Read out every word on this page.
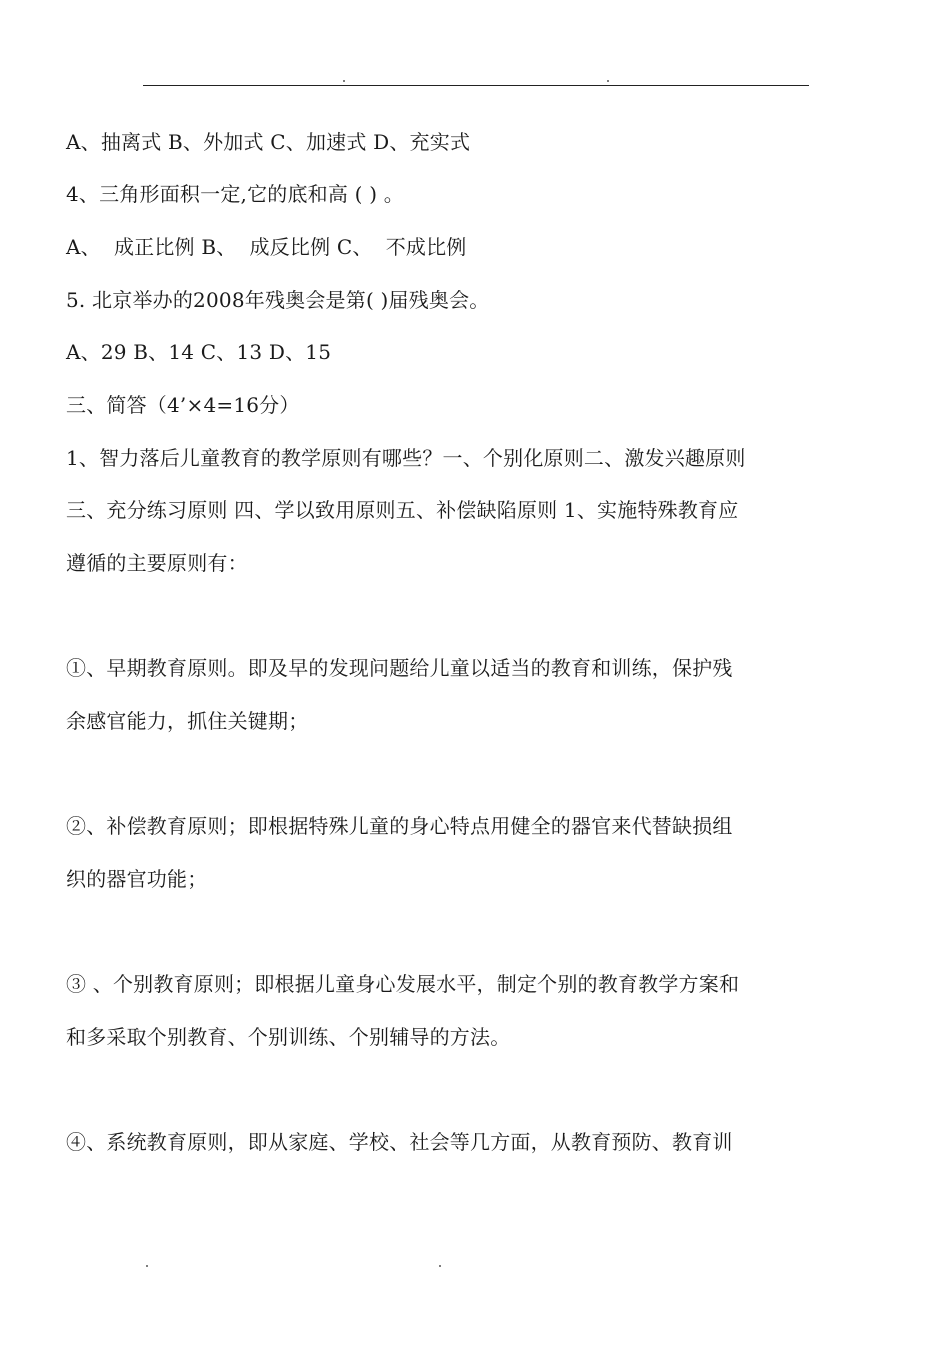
A、抽离式 B、外加式 C、加速式 D、充实式
4、三角形面积一定,它的底和高 ( ) 。
A、  成正比例 B、  成反比例 C、  不成比例
5. 北京举办的2008年残奥会是第( )届残奥会。
A、29 B、14 C、13 D、15
三、简答（4’×4=16分）
1、智力落后儿童教育的教学原则有哪些？一、个别化原则二、激发兴趣原则
三、充分练习原则 四、学以致用原则五、补偿缺陷原则 1、实施特殊教育应
遵循的主要原则有：
①、早期教育原则。即及早的发现问题给儿童以适当的教育和训练，保护残
余感官能力，抓住关键期；
②、补偿教育原则；即根据特殊儿童的身心特点用健全的器官来代替缺损组
织的器官功能；
③ 、个别教育原则；即根据儿童身心发展水平，制定个别的教育教学方案和
和多采取个别教育、个别训练、个别辅导的方法。
④、系统教育原则，即从家庭、学校、社会等几方面，从教育预防、教育训
